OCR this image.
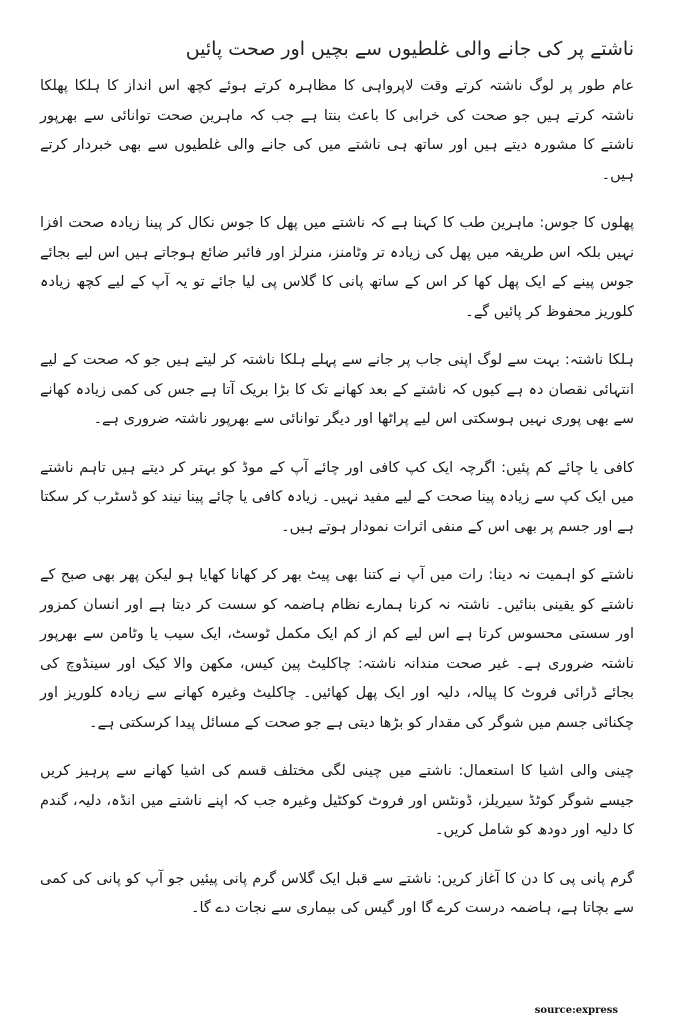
ناشتے پر کی جانے والی غلطیوں سے بچیں اور صحت پائیں

عام طور پر لوگ ناشتہ کرتے وقت لاپرواہی کا مظاہرہ کرتے ہوئے کچھ اس انداز کا ہلکا پھلکا ناشتہ کرتے ہیں جو صحت کی خرابی کا باعث بنتا ہے جب کہ ماہرین صحت توانائی سے بھرپور ناشتے کا مشورہ دیتے ہیں اور ساتھ ہی ناشتے میں کی جانے والی غلطیوں سے بھی خبردار کرتے ہیں۔

پھلوں کا جوس: ماہرین طب کا کہنا ہے کہ ناشتے میں پھل کا جوس نکال کر پینا زیادہ صحت افزا نہیں بلکہ اس طریقہ میں پھل کی زیادہ تر وٹامنز، منرلز اور فائبر ضائع ہوجاتے ہیں اس لیے بجائے جوس پینے کے ایک پھل کھا کر اس کے ساتھ پانی کا گلاس پی لیا جائے تو یہ آپ کے لیے کچھ زیادہ کلوریز محفوظ کر پائیں گے۔

ہلکا ناشتہ: بہت سے لوگ اپنی جاب پر جانے سے پہلے ہلکا ناشتہ کر لیتے ہیں جو کہ صحت کے لیے انتہائی نقصان دہ ہے کیوں کہ ناشتے کے بعد کھانے تک کا بڑا بریک آتا ہے جس کی کمی زیادہ کھانے سے بھی پوری نہیں ہوسکتی اس لیے پراٹھا اور دیگر توانائی سے بھرپور ناشتہ ضروری ہے۔

کافی یا چائے کم پئیں: اگرچہ ایک کپ کافی اور چائے آپ کے موڈ کو بہتر کر دیتے ہیں تاہم ناشتے میں ایک کپ سے زیادہ پینا صحت کے لیے مفید نہیں۔ زیادہ کافی یا چائے پینا نیند کو ڈسٹرب کر سکتا ہے اور جسم پر بھی اس کے منفی اثرات نمودار ہوتے ہیں۔

ناشتے کو اہمیت نہ دینا: رات میں آپ نے کتنا بھی پیٹ بھر کر کھانا کھایا ہو لیکن پھر بھی صبح کے ناشتے کو یقینی بنائیں۔ ناشتہ نہ کرنا ہمارے نظام ہاضمہ کو سست کر دیتا ہے اور انسان کمزور اور سستی محسوس کرتا ہے اس لیے کم از کم ایک مکمل ٹوسٹ، ایک سیب یا وٹامن سے بھرپور ناشتہ ضروری ہے۔ غیر صحت مندانہ ناشتہ: چاکلیٹ پین کیس، مکھن والا کیک اور سینڈوچ کی بجائے ڈرائی فروٹ کا پیالہ، دلیہ اور ایک پھل کھائیں۔ چاکلیٹ وغیرہ کھانے سے زیادہ کلوریز اور چکنائی جسم میں شوگر کی مقدار کو بڑھا دیتی ہے جو صحت کے مسائل پیدا کرسکتی ہے۔

چینی والی اشیا کا استعمال: ناشتے میں چینی لگی مختلف قسم کی اشیا کھانے سے پرہیز کریں جیسے شوگر کوٹڈ سیریلز، ڈونٹس اور فروٹ کوکٹیل وغیرہ جب کہ اپنے ناشتے میں انڈہ، دلیہ، گندم کا دلیہ اور دودھ کو شامل کریں۔

گرم پانی پی کا دن کا آغاز کریں: ناشتے سے قبل ایک گلاس گرم پانی پیئیں جو آپ کو پانی کی کمی سے بچاتا ہے، ہاضمہ درست کرے گا اور گیس کی بیماری سے نجات دے گا۔

source:express
